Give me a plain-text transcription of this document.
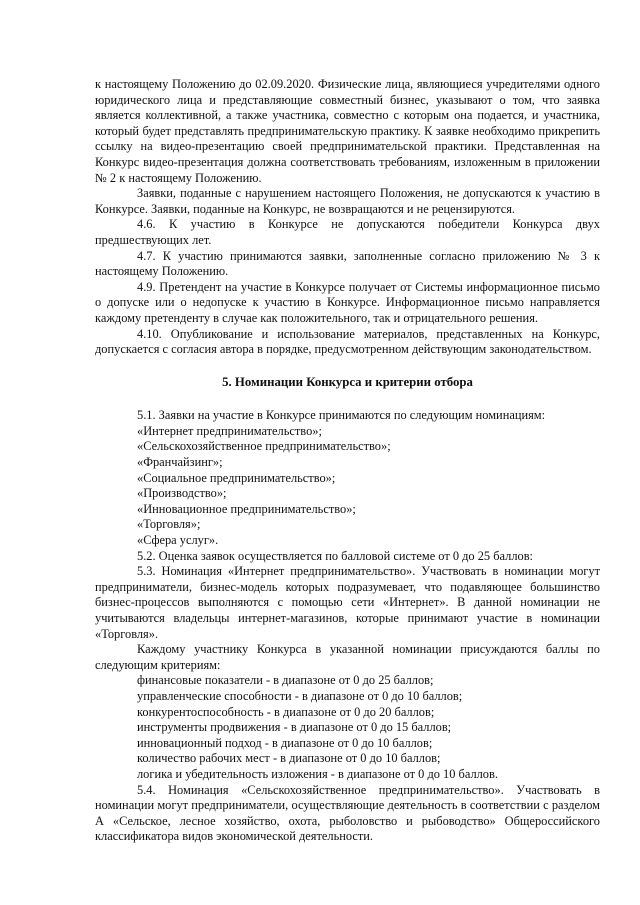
к настоящему Положению до 02.09.2020. Физические лица, являющиеся учредителями одного юридического лица и представляющие совместный бизнес, указывают о том, что заявка является коллективной, а также участника, совместно с которым она подается, и участника, который будет представлять предпринимательскую практику. К заявке необходимо прикрепить ссылку на видео-презентацию своей предпринимательской практики. Представленная на Конкурс видео-презентация должна соответствовать требованиям, изложенным в приложении № 2 к настоящему Положению.

Заявки, поданные с нарушением настоящего Положения, не допускаются к участию в Конкурсе. Заявки, поданные на Конкурс, не возвращаются и не рецензируются.

4.6. К участию в Конкурсе не допускаются победители Конкурса двух предшествующих лет.

4.7. К участию принимаются заявки, заполненные согласно приложению № 3 к настоящему Положению.

4.9. Претендент на участие в Конкурсе получает от Системы информационное письмо о допуске или о недопуске к участию в Конкурсе. Информационное письмо направляется каждому претенденту в случае как положительного, так и отрицательного решения.

4.10. Опубликование и использование материалов, представленных на Конкурс, допускается с согласия автора в порядке, предусмотренном действующим законодательством.

5. Номинации Конкурса и критерии отбора

5.1. Заявки на участие в Конкурсе принимаются по следующим номинациям:

«Интернет предпринимательство»;

«Сельскохозяйственное предпринимательство»;

«Франчайзинг»;

«Социальное предпринимательство»;

«Производство»;

«Инновационное предпринимательство»;

«Торговля»;

«Сфера услуг».

5.2. Оценка заявок осуществляется по балловой системе от 0 до 25 баллов:

5.3. Номинация «Интернет предпринимательство». Участвовать в номинации могут предприниматели, бизнес-модель которых подразумевает, что подавляющее большинство бизнес-процессов выполняются с помощью сети «Интернет». В данной номинации не учитываются владельцы интернет-магазинов, которые принимают участие в номинации «Торговля».

Каждому участнику Конкурса в указанной номинации присуждаются баллы по следующим критериям:

финансовые показатели - в диапазоне от 0 до 25 баллов;

управленческие способности - в диапазоне от 0 до 10 баллов;

конкурентоспособность - в диапазоне от 0 до 20 баллов;

инструменты продвижения - в диапазоне от 0 до 15 баллов;

инновационный подход - в диапазоне от 0 до 10 баллов;

количество рабочих мест - в диапазоне от 0 до 10 баллов;

логика и убедительность изложения - в диапазоне от 0 до 10 баллов.

5.4. Номинация «Сельскохозяйственное предпринимательство». Участвовать в номинации могут предприниматели, осуществляющие деятельность в соответствии с разделом А «Сельское, лесное хозяйство, охота, рыболовство и рыбоводство» Общероссийского классификатора видов экономической деятельности.
